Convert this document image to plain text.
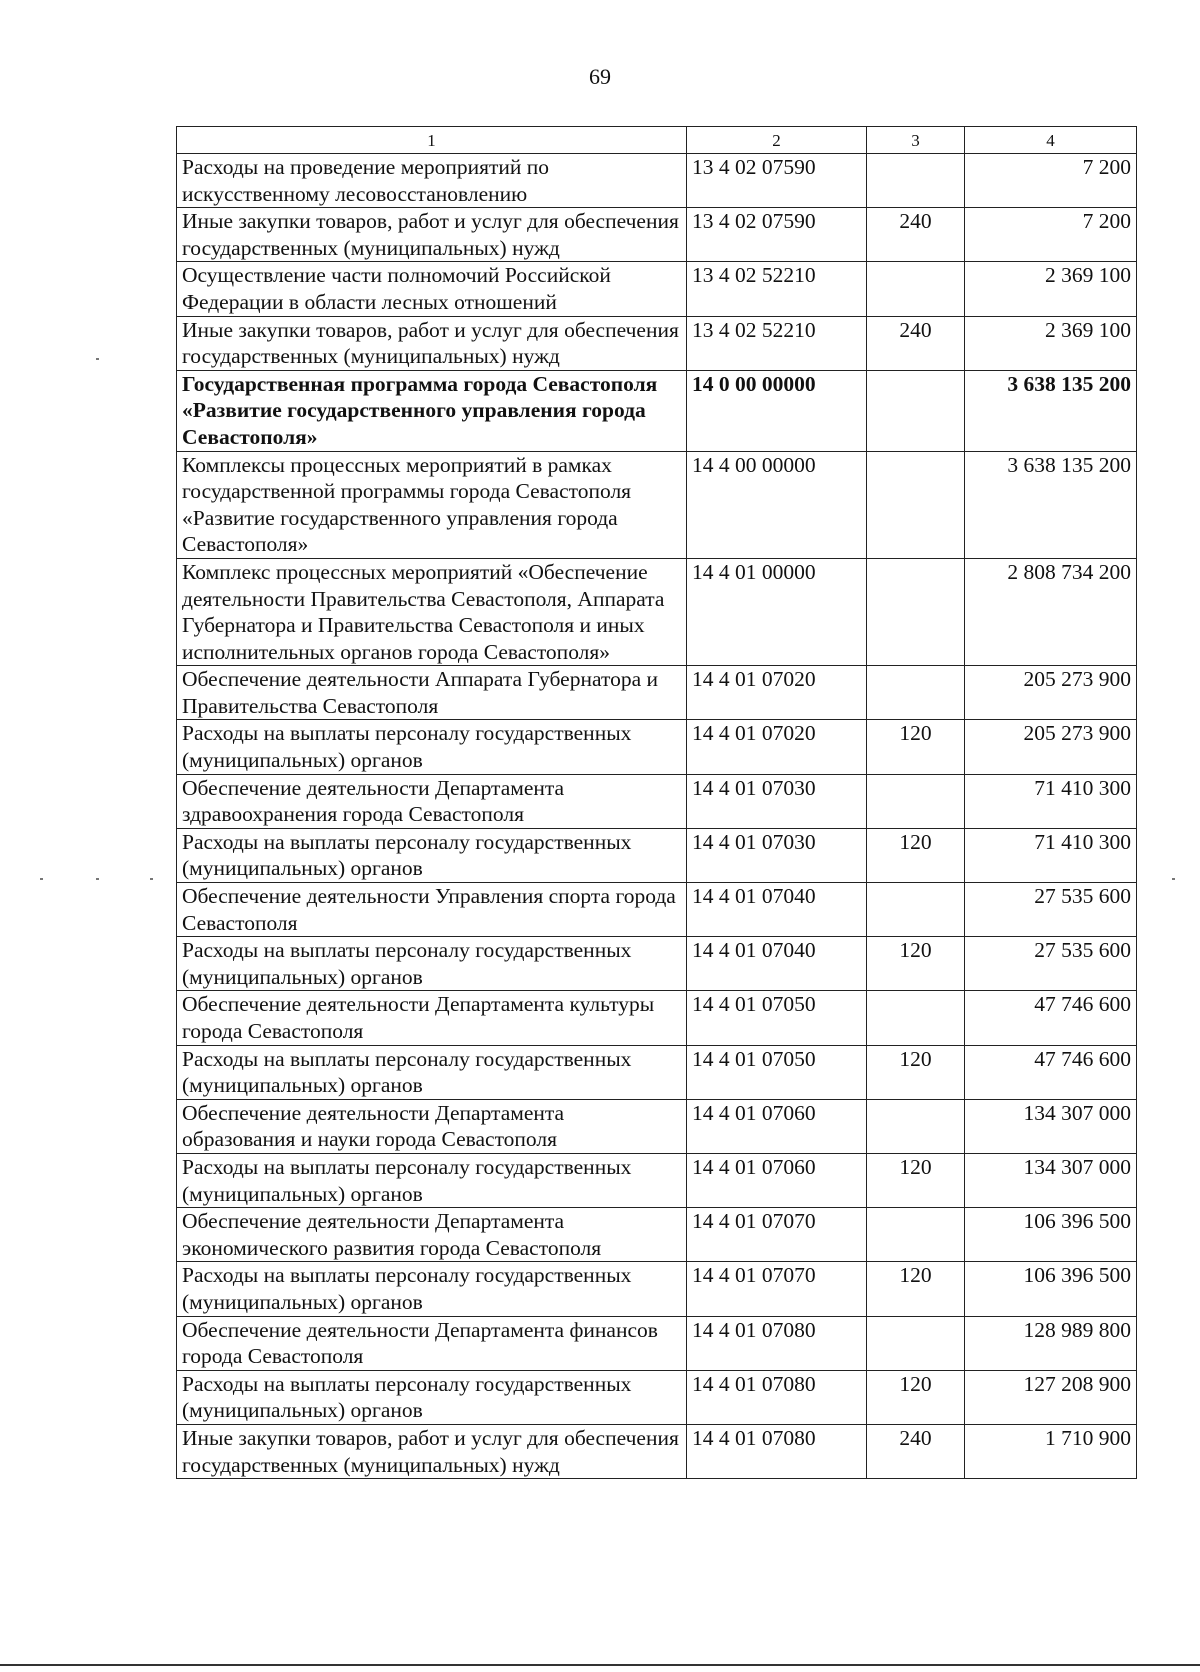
69
1	2	3	4
Расходы на проведение мероприятий по искусственному лесовосстановлению	13 4 02 07590		7 200
Иные закупки товаров, работ и услуг для обеспечения государственных (муниципальных) нужд	13 4 02 07590	240	7 200
Осуществление части полномочий Российской Федерации в области лесных отношений	13 4 02 52210		2 369 100
Иные закупки товаров, работ и услуг для обеспечения государственных (муниципальных) нужд	13 4 02 52210	240	2 369 100
Государственная программа города Севастополя «Развитие государственного управления города Севастополя»	14 0 00 00000		3 638 135 200
Комплексы процессных мероприятий в рамках государственной программы города Севастополя «Развитие государственного управления города Севастополя»	14 4 00 00000		3 638 135 200
Комплекс процессных мероприятий «Обеспечение деятельности Правительства Севастополя, Аппарата Губернатора и Правительства Севастополя и иных исполнительных органов города Севастополя»	14 4 01 00000		2 808 734 200
Обеспечение деятельности Аппарата Губернатора и Правительства Севастополя	14 4 01 07020		205 273 900
Расходы на выплаты персоналу государственных (муниципальных) органов	14 4 01 07020	120	205 273 900
Обеспечение деятельности Департамента здравоохранения города Севастополя	14 4 01 07030		71 410 300
Расходы на выплаты персоналу государственных (муниципальных) органов	14 4 01 07030	120	71 410 300
Обеспечение деятельности Управления спорта города Севастополя	14 4 01 07040		27 535 600
Расходы на выплаты персоналу государственных (муниципальных) органов	14 4 01 07040	120	27 535 600
Обеспечение деятельности Департамента культуры города Севастополя	14 4 01 07050		47 746 600
Расходы на выплаты персоналу государственных (муниципальных) органов	14 4 01 07050	120	47 746 600
Обеспечение деятельности Департамента образования и науки города Севастополя	14 4 01 07060		134 307 000
Расходы на выплаты персоналу государственных (муниципальных) органов	14 4 01 07060	120	134 307 000
Обеспечение деятельности Департамента экономического развития города Севастополя	14 4 01 07070		106 396 500
Расходы на выплаты персоналу государственных (муниципальных) органов	14 4 01 07070	120	106 396 500
Обеспечение деятельности Департамента финансов города Севастополя	14 4 01 07080		128 989 800
Расходы на выплаты персоналу государственных (муниципальных) органов	14 4 01 07080	120	127 208 900
Иные закупки товаров, работ и услуг для обеспечения государственных (муниципальных) нужд	14 4 01 07080	240	1 710 900
